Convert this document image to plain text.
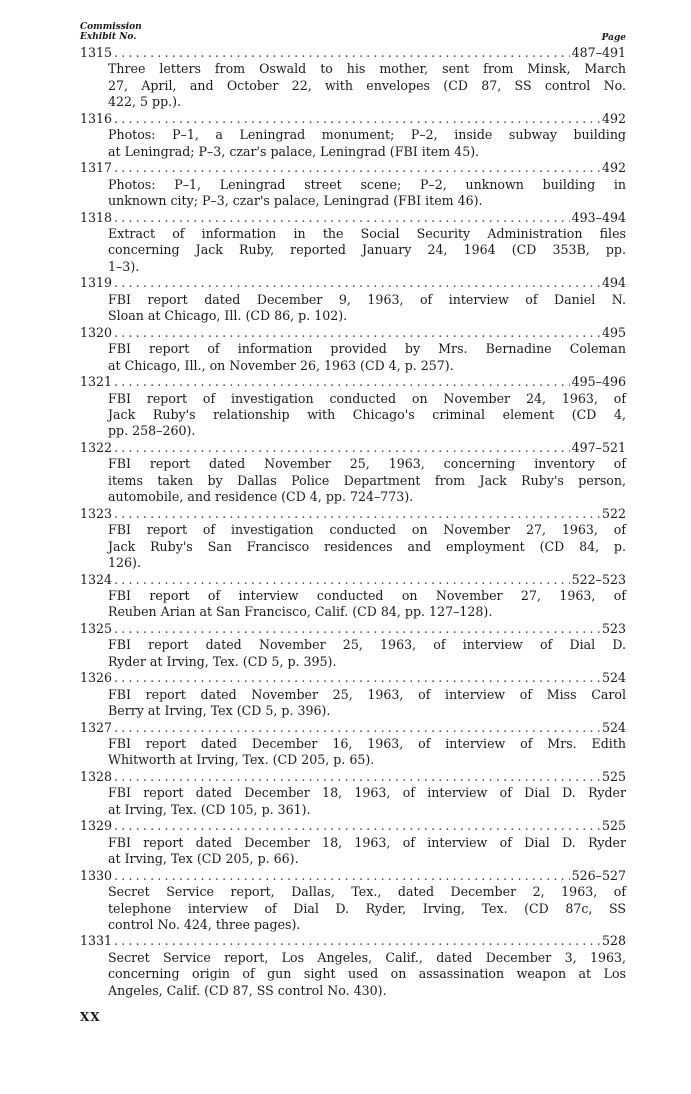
Commission
Exhibit No.	Page
1315 .....	487–491
Three letters from Oswald to his mother, sent from Minsk, March
27, April, and October 22, with envelopes (CD 87, SS control No.
422, 5 pp.).
1316 .....	492
Photos: P–1, a Leningrad monument; P–2, inside subway building
at Leningrad; P–3, czar's palace, Leningrad (FBI item 45).
1317 .....	492
Photos: P–1, Leningrad street scene; P–2, unknown building in
unknown city; P–3, czar's palace, Leningrad (FBI item 46).
1318 .....	493–494
Extract of information in the Social Security Administration files
concerning Jack Ruby, reported January 24, 1964 (CD 353B, pp.
1–3).
1319 .....	494
FBI report dated December 9, 1963, of interview of Daniel N.
Sloan at Chicago, Ill. (CD 86, p. 102).
1320 .....	495
FBI report of information provided by Mrs. Bernadine Coleman
at Chicago, Ill., on November 26, 1963 (CD 4, p. 257).
1321 .....	495–496
FBI report of investigation conducted on November 24, 1963, of
Jack Ruby's relationship with Chicago's criminal element (CD 4,
pp. 258–260).
1322 .....	497–521
FBI report dated November 25, 1963, concerning inventory of
items taken by Dallas Police Department from Jack Ruby's person,
automobile, and residence (CD 4, pp. 724–773).
1323 .....	522
FBI report of investigation conducted on November 27, 1963, of
Jack Ruby's San Francisco residences and employment (CD 84, p.
126).
1324 .....	522–523
FBI report of interview conducted on November 27, 1963, of
Reuben Arian at San Francisco, Calif. (CD 84, pp. 127–128).
1325 .....	523
FBI report dated November 25, 1963, of interview of Dial D.
Ryder at Irving, Tex. (CD 5, p. 395).
1326 .....	524
FBI report dated November 25, 1963, of interview of Miss Carol
Berry at Irving, Tex (CD 5, p. 396).
1327 .....	524
FBI report dated December 16, 1963, of interview of Mrs. Edith
Whitworth at Irving, Tex. (CD 205, p. 65).
1328 .....	525
FBI report dated December 18, 1963, of interview of Dial D. Ryder
at Irving, Tex. (CD 105, p. 361).
1329 .....	525
FBI report dated December 18, 1963, of interview of Dial D. Ryder
at Irving, Tex (CD 205, p. 66).
1330 .....	526–527
Secret Service report, Dallas, Tex., dated December 2, 1963, of
telephone interview of Dial D. Ryder, Irving, Tex. (CD 87c, SS
control No. 424, three pages).
1331 .....	528
Secret Service report, Los Angeles, Calif., dated December 3, 1963,
concerning origin of gun sight used on assassination weapon at Los
Angeles, Calif. (CD 87, SS control No. 430).
XX
